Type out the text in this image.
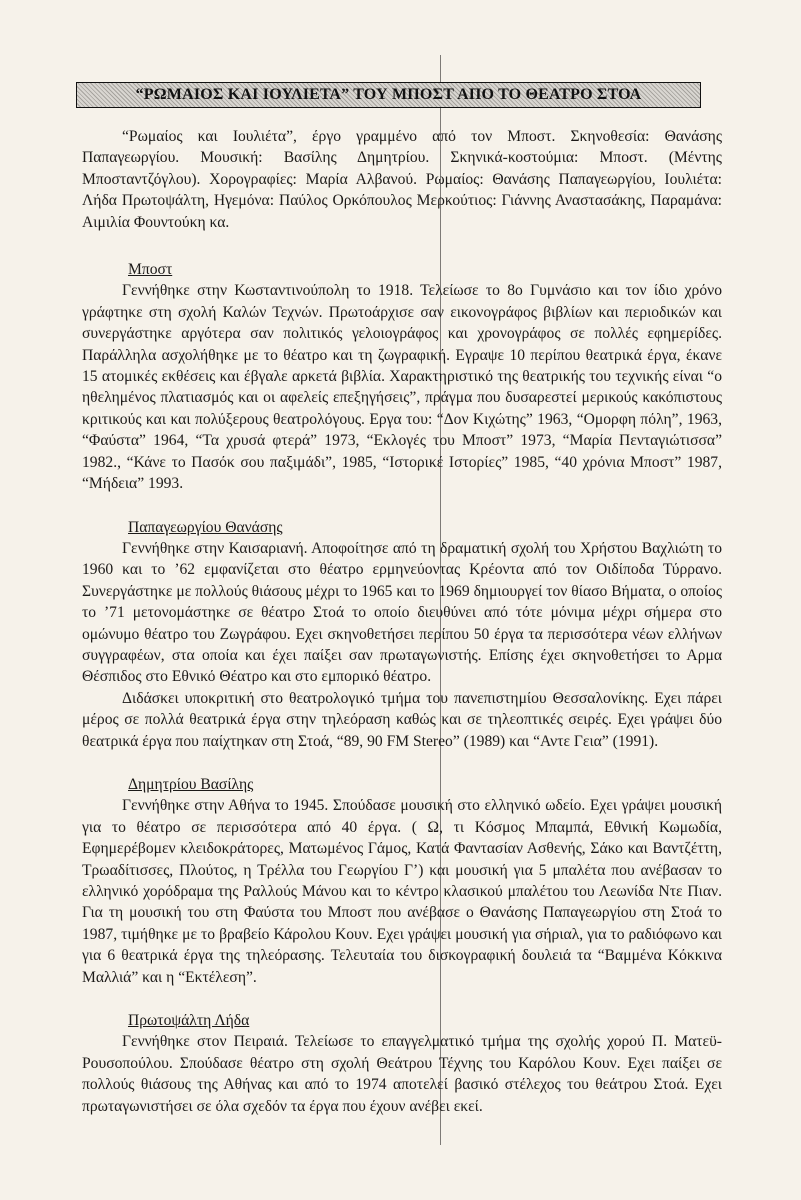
“ΡΩΜΑΙΟΣ ΚΑΙ ΙΟΥΛΙΕΤΑ” ΤΟΥ ΜΠΟΣΤ ΑΠΟ ΤΟ ΘΕΑΤΡΟ ΣΤΟΑ

“Ρωμαίος και Ιουλιέτα”, έργο γραμμένο από τον Μποστ. Σκηνοθεσία: Θανάσης Παπαγεωργίου. Μουσική: Βασίλης Δημητρίου. Σκηνικά-κοστούμια: Μποστ. (Μέντης Μποσταντζόγλου). Χορογραφίες: Μαρία Αλβανού. Ρωμαίος: Θανάσης Παπαγεωργίου, Ιουλιέτα: Λήδα Πρωτοψάλτη, Ηγεμόνα: Παύλος Ορκόπουλος Μερκούτιος: Γιάννης Αναστασάκης, Παραμάνα: Αιμιλία Φουντούκη κα.

Μποστ

Γεννήθηκε στην Κωσταντινούπολη το 1918. Τελείωσε το 8ο Γυμνάσιο και τον ίδιο χρόνο γράφτηκε στη σχολή Καλών Τεχνών. Πρωτοάρχισε σαν εικονογράφος βιβλίων και περιοδικών και συνεργάστηκε αργότερα σαν πολιτικός γελοιογράφος και χρονογράφος σε πολλές εφημερίδες. Παράλληλα ασχολήθηκε με το θέατρο και τη ζωγραφική. Εγραψε 10 περίπου θεατρικά έργα, έκανε 15 ατομικές εκθέσεις και έβγαλε αρκετά βιβλία. Χαρακτηριστικό της θεατρικής του τεχνικής είναι “ο ηθελημένος πλατιασμός και οι αφελείς επεξηγήσεις”, πράγμα που δυσαρεστεί μερικούς κακόπιστους κριτικούς και και πολύξερους θεατρολόγους. Εργα του: “Δον Κιχώτης” 1963, “Ομορφη πόλη”, 1963, “Φαύστα” 1964, “Τα χρυσά φτερά” 1973, “Εκλογές του Μποστ” 1973, “Μαρία Πενταγιώτισσα” 1982., “Κάνε το Πασόκ σου παξιμάδι”, 1985, “Ιστορικέ Ιστορίες” 1985, “40 χρόνια Μποστ” 1987, “Μήδεια” 1993.

Παπαγεωργίου Θανάσης

Γεννήθηκε στην Καισαριανή. Αποφοίτησε από τη δραματική σχολή του Χρήστου Βαχλιώτη το 1960 και το ’62 εμφανίζεται στο θέατρο ερμηνεύοντας Κρέοντα από τον Οιδίποδα Τύρρανο. Συνεργάστηκε με πολλούς θιάσους μέχρι το 1965 και το 1969 δημιουργεί τον θίασο Βήματα, ο οποίος το ’71 μετονομάστηκε σε θέατρο Στοά το οποίο διευθύνει από τότε μόνιμα μέχρι σήμερα στο ομώνυμο θέατρο του Ζωγράφου. Εχει σκηνοθετήσει περίπου 50 έργα τα περισσότερα νέων ελλήνων συγγραφέων, στα οποία και έχει παίξει σαν πρωταγωνιστής. Επίσης έχει σκηνοθετήσει το Αρμα Θέσπιδος στο Εθνικό Θέατρο και στο εμπορικό θέατρο.

Διδάσκει υποκριτική στο θεατρολογικό τμήμα του πανεπιστημίου Θεσσαλονίκης. Εχει πάρει μέρος σε πολλά θεατρικά έργα στην τηλεόραση καθώς και σε τηλεοπτικές σειρές. Εχει γράψει δύο θεατρικά έργα που παίχτηκαν στη Στοά, “89, 90 FM Stereo” (1989) και “Αντε Γεια” (1991).

Δημητρίου Βασίλης

Γεννήθηκε στην Αθήνα το 1945. Σπούδασε μουσική στο ελληνικό ωδείο. Εχει γράψει μουσική για το θέατρο σε περισσότερα από 40 έργα. ( Ω, τι Κόσμος Μπαμπά, Εθνική Κωμωδία, Εφημερέβομεν κλειδοκράτορες, Ματωμένος Γάμος, Κατά Φαντασίαν Ασθενής, Σάκο και Βαντζέττη, Τρωαδίτισσες, Πλούτος, η Τρέλλα του Γεωργίου Γ’) και μουσική για 5 μπαλέτα που ανέβασαν το ελληνικό χορόδραμα της Ραλλούς Μάνου και το κέντρο κλασικού μπαλέτου του Λεωνίδα Ντε Πιαν. Για τη μουσική του στη Φαύστα του Μποστ που ανέβασε ο Θανάσης Παπαγεωργίου στη Στοά το 1987, τιμήθηκε με το βραβείο Κάρολου Κουν. Εχει γράψει μουσική για σήριαλ, για το ραδιόφωνο και για 6 θεατρικά έργα της τηλεόρασης. Τελευταία του δισκογραφική δουλειά τα “Βαμμένα Κόκκινα Μαλλιά” και η “Εκτέλεση”.

Πρωτοψάλτη Λήδα

Γεννήθηκε στον Πειραιά. Τελείωσε το επαγγελματικό τμήμα της σχολής χορού Π. Ματεϋ-Ρουσοπούλου. Σπούδασε θέατρο στη σχολή Θεάτρου Τέχνης του Καρόλου Κουν. Εχει παίξει σε πολλούς θιάσους της Αθήνας και από το 1974 αποτελεί βασικό στέλεχος του θεάτρου Στοά. Εχει πρωταγωνιστήσει σε όλα σχεδόν τα έργα που έχουν ανέβει εκεί.
